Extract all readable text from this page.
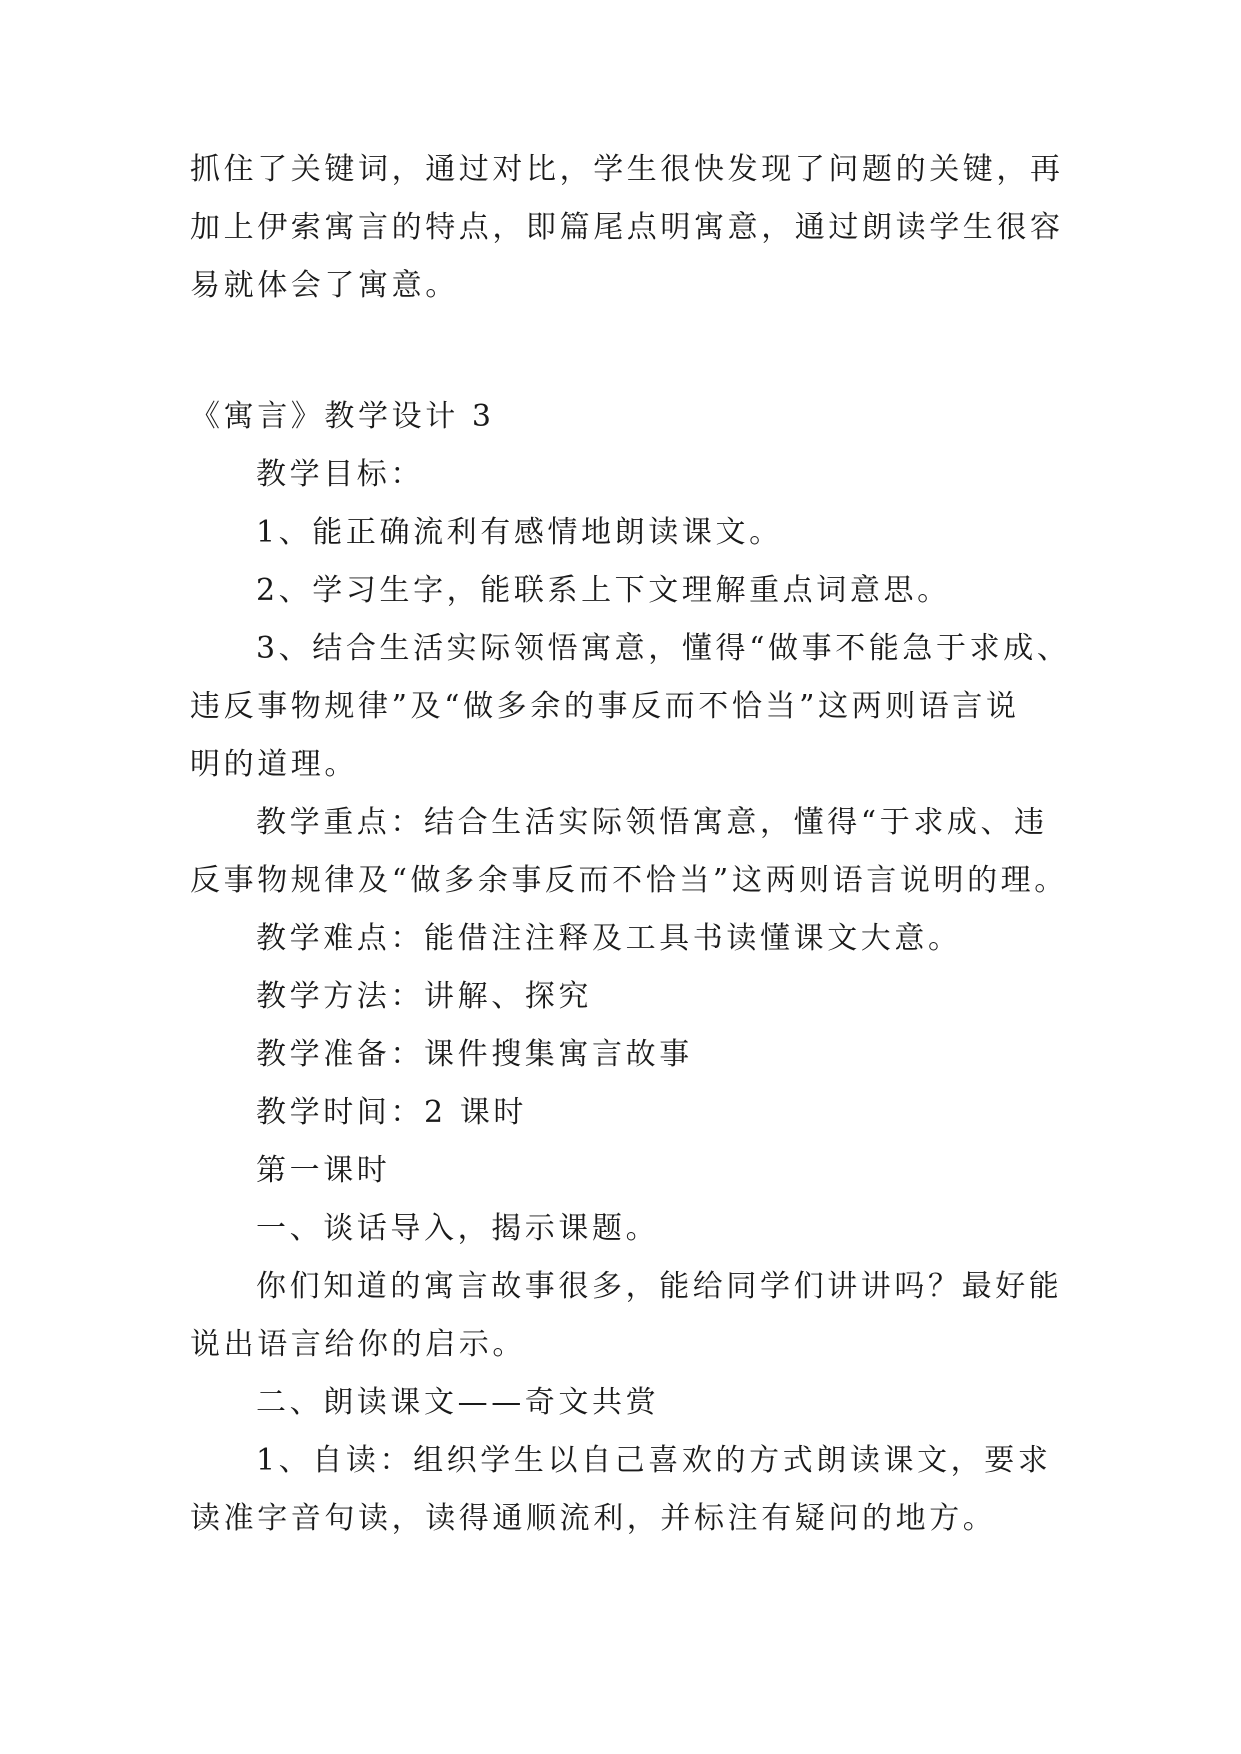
抓住了关键词，通过对比，学生很快发现了问题的关键，再
加上伊索寓言的特点，即篇尾点明寓意，通过朗读学生很容
易就体会了寓意。
《寓言》教学设计 3
教学目标：
1、能正确流利有感情地朗读课文。
2、学习生字，能联系上下文理解重点词意思。
3、结合生活实际领悟寓意，懂得“做事不能急于求成、
违反事物规律”及“做多余的事反而不恰当”这两则语言说
明的道理。
教学重点：结合生活实际领悟寓意，懂得“于求成、违
反事物规律及“做多余事反而不恰当”这两则语言说明的理。
教学难点：能借注注释及工具书读懂课文大意。
教学方法：讲解、探究
教学准备：课件搜集寓言故事
教学时间：2 课时
第一课时
一、谈话导入，揭示课题。
你们知道的寓言故事很多，能给同学们讲讲吗？最好能
说出语言给你的启示。
二、朗读课文——奇文共赏
1、自读：组织学生以自己喜欢的方式朗读课文，要求
读准字音句读，读得通顺流利，并标注有疑问的地方。
